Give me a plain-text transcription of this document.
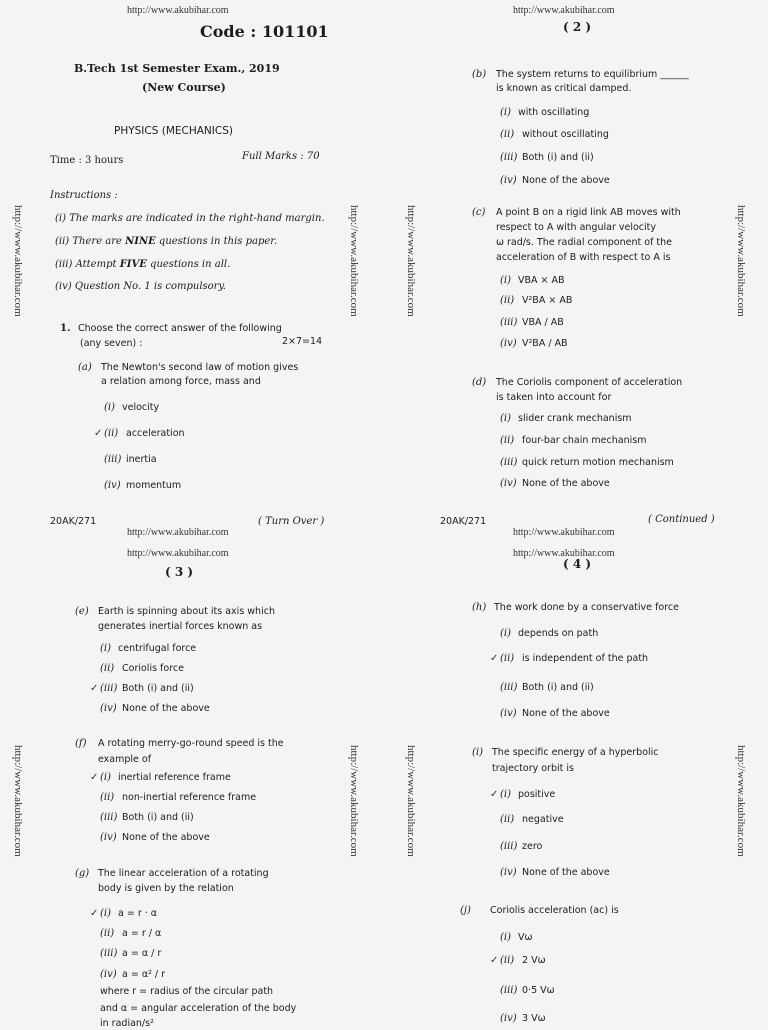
http://www.akubihar.com	http://www.akubihar.com	http://www.akubihar.com	http://www.akubihar.com
http://www.akubihar.com	http://www.akubihar.com	http://www.akubihar.com	http://www.akubihar.com
http://www.akubihar.com
Code : 101101
B.Tech 1st Semester Exam., 2019
(New Course)
PHYSICS (MECHANICS)
Time : 3 hours	Full Marks : 70
Instructions :
(i) The marks are indicated in the right-hand margin.
(ii) There are NINE questions in this paper.
(iii) Attempt FIVE questions in all.
(iv) Question No. 1 is compulsory.
1. Choose the correct answer of the following
(any seven) :	2×7=14
20AK/271
http://www.akubihar.com
( Turn Over )
http://www.akubihar.com
( 2 )
20AK/271
http://www.akubihar.com
( Continued )
http://www.akubihar.com
( 3 )
where r = radius of the circular path
and α = angular acceleration of the body
in radian/s²
http://www.akubihar.com
( 4 )
(a) The Newton's second law of motion gives
a relation among force, mass and
(i) velocity
✓ (ii) acceleration
(iii) inertia
(iv) momentum
(b) The system returns to equilibrium ______
is known as critical damped.
(i) with oscillating
(ii) without oscillating
(iii) Both (i) and (ii)
(iv) None of the above
(c) A point B on a rigid link AB moves with
respect to A with angular velocity
ω rad/s. The radial component of the
acceleration of B with respect to A is
(i) VBA × AB
(ii) V²BA × AB
(iii) VBA / AB
(iv) V²BA / AB
(d) The Coriolis component of acceleration
is taken into account for
(i) slider crank mechanism
(ii) four-bar chain mechanism
(iii) quick return motion mechanism
(iv) None of the above
(e) Earth is spinning about its axis which
generates inertial forces known as
(i) centrifugal force
(ii) Coriolis force
✓ (iii) Both (i) and (ii)
(iv) None of the above
(f) A rotating merry-go-round speed is the
example of
✓ (i) inertial reference frame
(ii) non-inertial reference frame
(iii) Both (i) and (ii)
(iv) None of the above
(g) The linear acceleration of a rotating
body is given by the relation
✓ (i) a = r · α
(ii) a = r / α
(iii) a = α / r
(iv) a = α² / r
(h) The work done by a conservative force
(i) depends on path
✓ (ii) is independent of the path
(iii) Both (i) and (ii)
(iv) None of the above
(i) The specific energy of a hyperbolic
trajectory orbit is
✓ (i) positive
(ii) negative
(iii) zero
(iv) None of the above
(j) Coriolis acceleration (ac) is
(i) Vω
✓ (ii) 2 Vω
(iii) 0·5 Vω
(iv) 3 Vω
